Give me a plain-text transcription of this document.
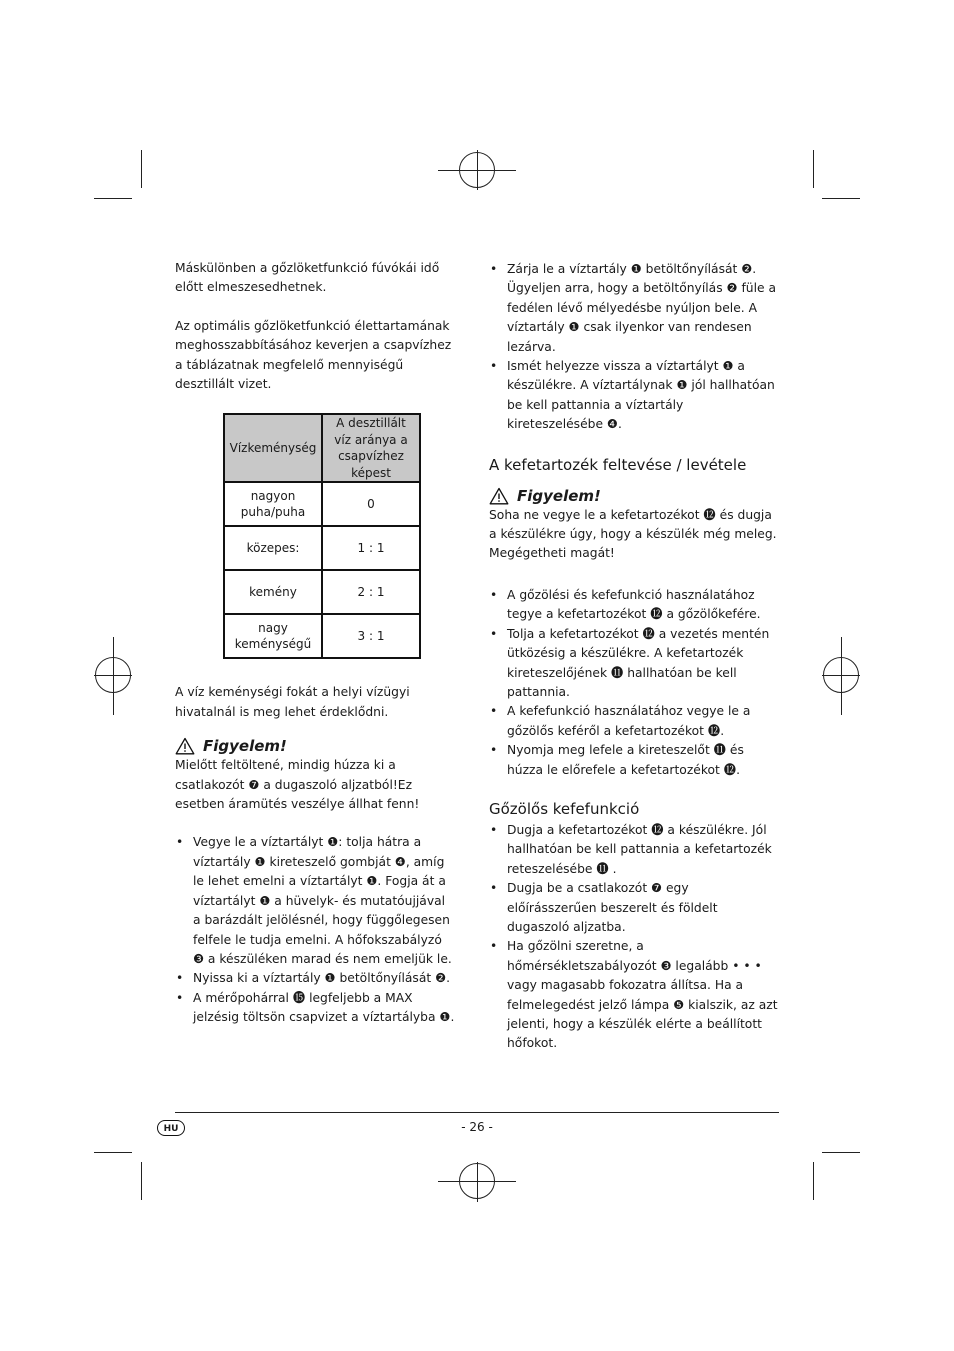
Máskülönben a gőzlöketfunkció fúvókái idő előtt elmeszesedhetnek.

Az optimális gőzlöketfunkció élettartamának meghosszabbításához keverjen a csapvízhez a táblázatnak megfelelő mennyiségű desztillált vizet.

Vízkeménység	A desztillált víz aránya a csapvízhez képest
nagyon puha/puha	0
közepes:	1 : 1
kemény	2 : 1
nagy keménységű	3 : 1

A víz keménységi fokát a helyi vízügyi hivatalnál is meg lehet érdeklődni.

Figyelem!

Mielőtt feltöltené, mindig húzza ki a csatlakozót ❼ a dugaszoló aljzatból!Ez esetben áramütés veszélye állhat fenn!

• Vegye le a víztartályt ❶: tolja hátra a víztartály ❶ kireteszelő gombját ❹, amíg le lehet emelni a víztartályt ❶. Fogja át a víztartályt ❶ a hüvelyk- és mutatóujjával a barázdált jelölésnél, hogy függőlegesen felfele le tudja emelni. A hőfokszabályzó ❸ a készüléken marad és nem emeljük le.
• Nyissa ki a víztartály ❶ betöltőnyílását ❷.
• A mérőpohárral ⓯ legfeljebb a MAX jelzésig töltsön csapvizet a víztartályba ❶.
• Zárja le a víztartály ❶ betöltőnyílását ❷. Ügyeljen arra, hogy a betöltőnyílás ❷ füle a fedélen lévő mélyedésbe nyúljon bele. A víztartály ❶ csak ilyenkor van rendesen lezárva.
• Ismét helyezze vissza a víztartályt ❶ a készülékre. A víztartálynak ❶ jól hallhatóan be kell pattannia a víztartály kireteszelésébe ❹.
A kefetartozék feltevése / levétele
Figyelem!

Soha ne vegye le a kefetartozékot ⓬ és dugja a készülékre úgy, hogy a készülék még meleg. Megégetheti magát!

• A gőzölési és kefefunkció használatához tegye a kefetartozékot ⓬ a gőzölőkefére.
• Tolja a kefetartozékot ⓬ a vezetés mentén ütközésig a készülékre. A kefetartozék kireteszelőjének ⓫ hallhatóan be kell pattannia.
• A kefefunkció használatához vegye le a gőzölős keféről a kefetartozékot ⓬.
• Nyomja meg lefele a kireteszelőt ⓫ és húzza le előrefele a kefetartozékot ⓬.
Gőzölős kefefunkció
• Dugja a kefetartozékot ⓬ a készülékre. Jól hallhatóan be kell pattannia a kefetartozék reteszelésébe ⓫ .
• Dugja be a csatlakozót ❼ egy előírásszerűen beszerelt és földelt dugaszoló aljzatba.
• Ha gőzölni szeretne, a hőmérsékletszabályozót ❸ legalább • • • vagy magasabb fokozatra állítsa. Ha a felmelegedést jelző lámpa ❺ kialszik, az azt jelenti, hogy a készülék elérte a beállított hőfokot.
HU	- 26 -
